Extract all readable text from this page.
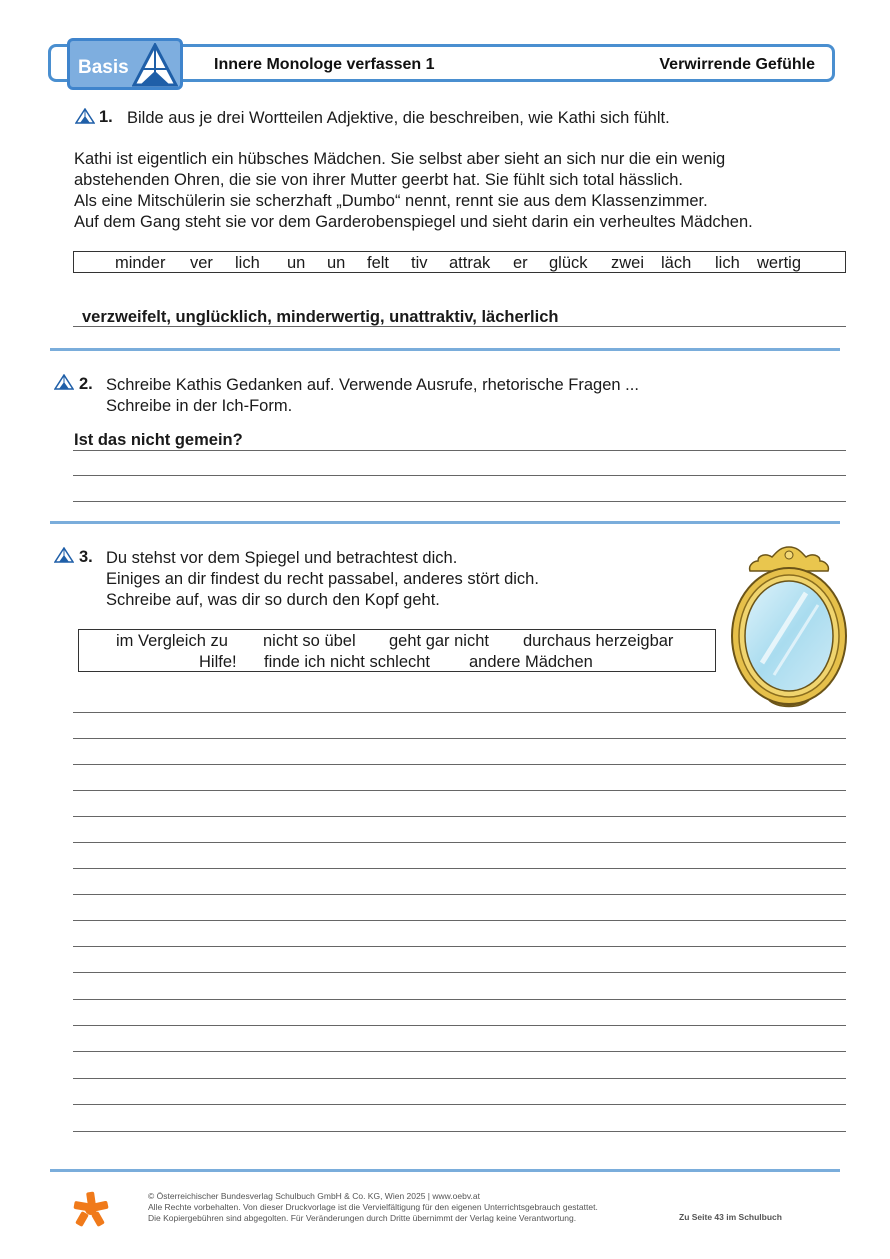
Basis	Innere Monologe verfassen 1	Verwirrende Gefühle
1. Bilde aus je drei Wortteilen Adjektive, die beschreiben, wie Kathi sich fühlt.
Kathi ist eigentlich ein hübsches Mädchen. Sie selbst aber sieht an sich nur die ein wenig
abstehenden Ohren, die sie von ihrer Mutter geerbt hat. Sie fühlt sich total hässlich.
Als eine Mitschülerin sie scherzhaft „Dumbo“ nennt, rennt sie aus dem Klassenzimmer.
Auf dem Gang steht sie vor dem Garderobenspiegel und sieht darin ein verheultes Mädchen.
minder ver lich un un felt tiv attrak er glück zwei läch lich wertig
verzweifelt, unglücklich, minderwertig, unattraktiv, lächerlich
2. Schreibe Kathis Gedanken auf. Verwende Ausrufe, rhetorische Fragen ...
Schreibe in der Ich-Form.
Ist das nicht gemein?
3. Du stehst vor dem Spiegel und betrachtest dich.
Einiges an dir findest du recht passabel, anderes stört dich.
Schreibe auf, was dir so durch den Kopf geht.
im Vergleich zu nicht so übel geht gar nicht durchaus herzeigbar
Hilfe! finde ich nicht schlecht andere Mädchen
© Österreichischer Bundesverlag Schulbuch GmbH & Co. KG, Wien 2025 | www.oebv.at
Alle Rechte vorbehalten. Von dieser Druckvorlage ist die Vervielfältigung für den eigenen Unterrichtsgebrauch gestattet.
Die Kopiergebühren sind abgegolten. Für Veränderungen durch Dritte übernimmt der Verlag keine Verantwortung.	Zu Seite 43 im Schulbuch
